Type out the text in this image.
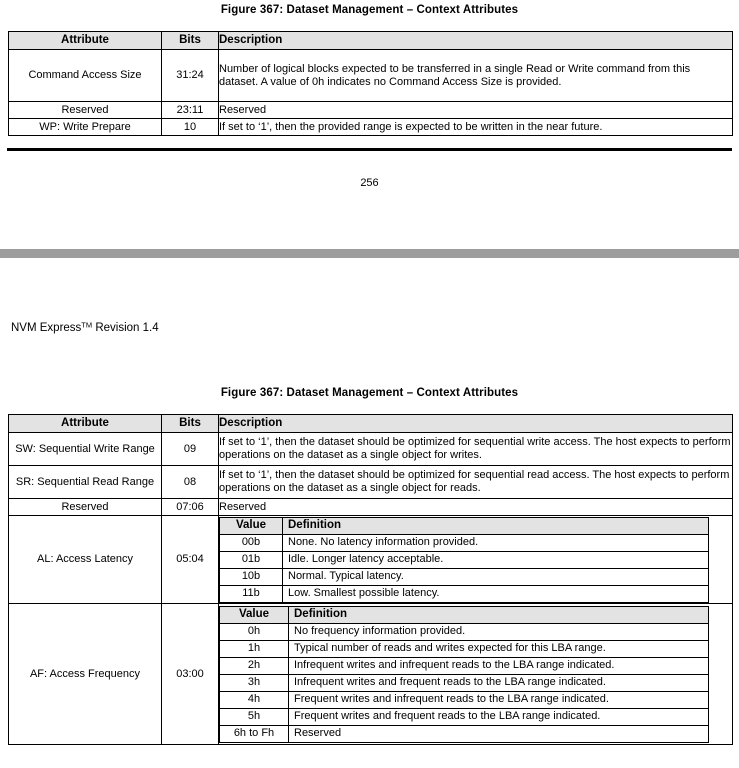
Figure 367: Dataset Management – Context Attributes
Attribute	Bits	Description
Command Access Size	31:24	Number of logical blocks expected to be transferred in a single Read or Write command from this dataset. A value of 0h indicates no Command Access Size is provided.
Reserved	23:11	Reserved
WP: Write Prepare	10	If set to ‘1’, then the provided range is expected to be written in the near future.
256
NVM Express™ Revision 1.4
Figure 367: Dataset Management – Context Attributes
Attribute	Bits	Description
SW: Sequential Write Range	09	If set to ‘1’, then the dataset should be optimized for sequential write access. The host expects to perform operations on the dataset as a single object for writes.
SR: Sequential Read Range	08	If set to ‘1’, then the dataset should be optimized for sequential read access. The host expects to perform operations on the dataset as a single object for reads.
Reserved	07:06	Reserved
AL: Access Latency	05:04	
Value	Definition
00b	None. No latency information provided.
01b	Idle. Longer latency acceptable.
10b	Normal. Typical latency.
11b	Low. Smallest possible latency.

AF: Access Frequency	03:00	
Value	Definition
0h	No frequency information provided.
1h	Typical number of reads and writes expected for this LBA range.
2h	Infrequent writes and infrequent reads to the LBA range indicated.
3h	Infrequent writes and frequent reads to the LBA range indicated.
4h	Frequent writes and infrequent reads to the LBA range indicated.
5h	Frequent writes and frequent reads to the LBA range indicated.
6h to Fh	Reserved
